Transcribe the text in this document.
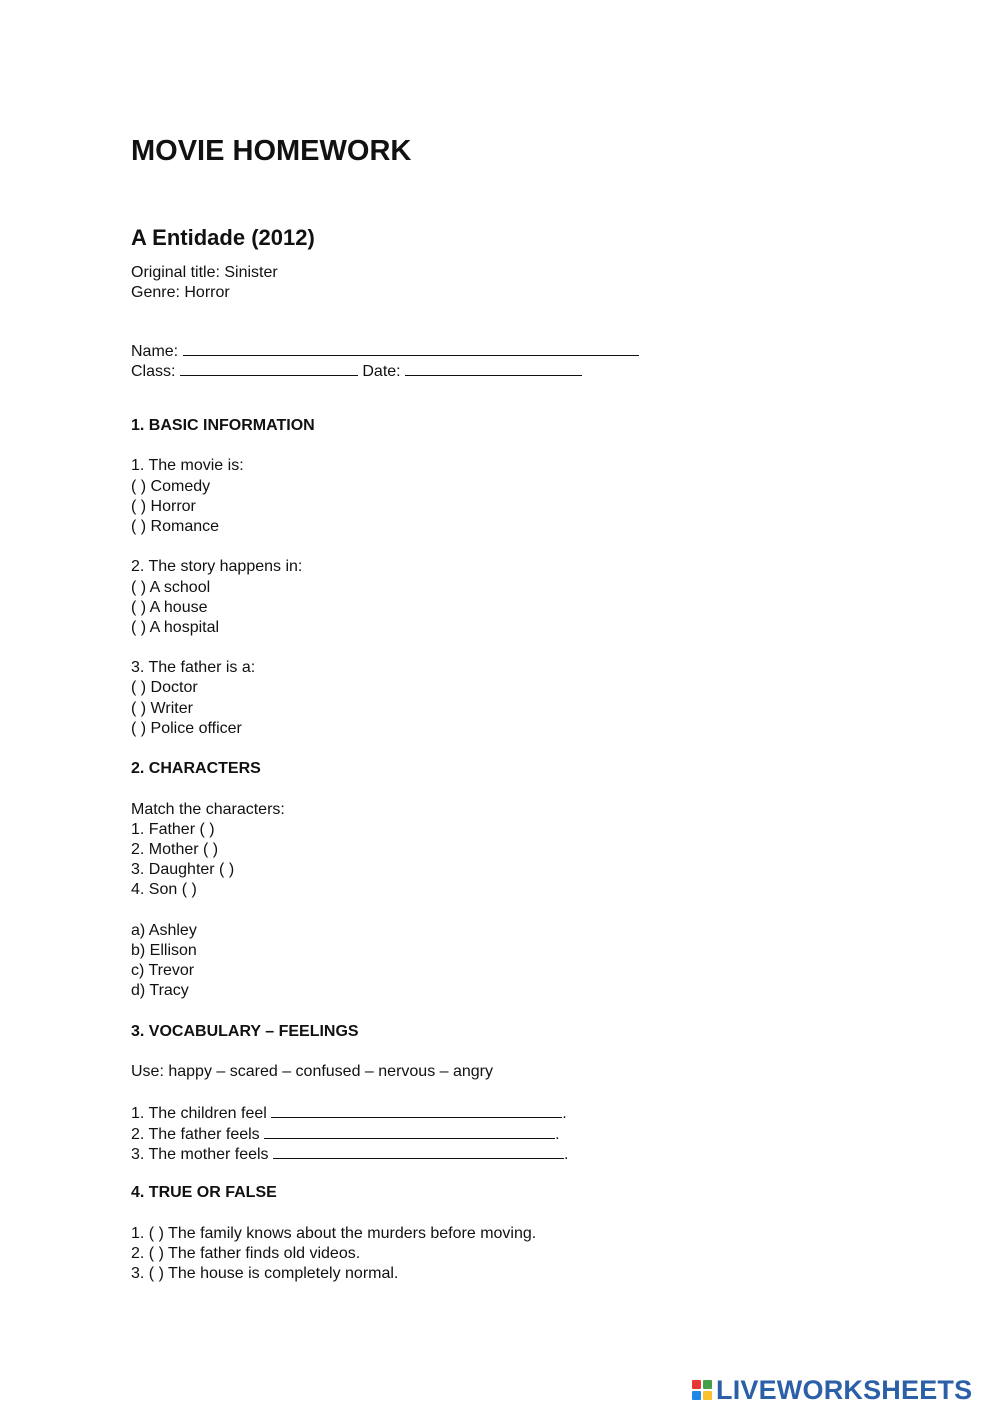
MOVIE HOMEWORK
A Entidade (2012)
Original title: Sinister
Genre: Horror
Name:
Class:	Date:
1. BASIC INFORMATION
1. The movie is:
( ) Comedy
( ) Horror
( ) Romance
2. The story happens in:
( ) A school
( ) A house
( ) A hospital
3. The father is a:
( ) Doctor
( ) Writer
( ) Police officer
2. CHARACTERS
Match the characters:
1. Father ( )
2. Mother ( )
3. Daughter ( )
4. Son ( )
a) Ashley
b) Ellison
c) Trevor
d) Tracy
3. VOCABULARY – FEELINGS
Use: happy – scared – confused – nervous – angry
1. The children feel	.
2. The father feels	.
3. The mother feels	.
4. TRUE OR FALSE
1. ( ) The family knows about the murders before moving.
2. ( ) The father finds old videos.
3. ( ) The house is completely normal.
LIVEWORKSHEETS
